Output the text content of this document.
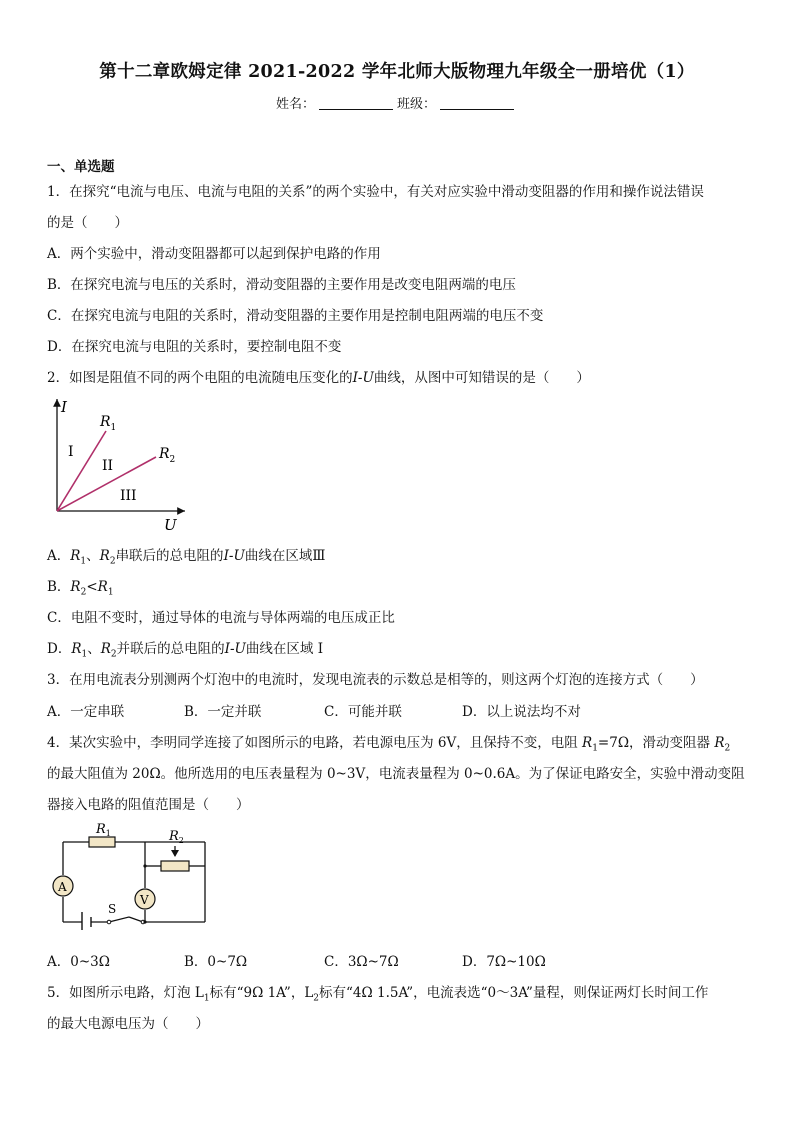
第十二章欧姆定律 2021-2022 学年北师大版物理九年级全一册培优（1）
姓名：	班级：
一、单选题
1．在探究“电流与电压、电流与电阻的关系”的两个实验中，有关对应实验中滑动变阻器的作用和操作说法错误
的是（　　）
A．两个实验中，滑动变阻器都可以起到保护电路的作用
B．在探究电流与电压的关系时，滑动变阻器的主要作用是改变电阻两端的电压
C．在探究电流与电阻的关系时，滑动变阻器的主要作用是控制电阻两端的电压不变
D．在探究电流与电阻的关系时，要控制电阻不变
2．如图是阻值不同的两个电阻的电流随电压变化的I-U曲线，从图中可知错误的是（　　）
I
U
$R_1$
$R_2$
I
II
III
A．$R_1$、$R_2$串联后的总电阻的I-U曲线在区域Ⅲ
B．$R_2<R_1$
C．电阻不变时，通过导体的电流与导体两端的电压成正比
D．$R_1$、$R_2$并联后的总电阻的I-U曲线在区域 I
3．在用电流表分别测两个灯泡中的电流时，发现电流表的示数总是相等的，则这两个灯泡的连接方式（　　）
A．一定串联	B．一定并联	C．可能并联	D．以上说法均不对
4．某次实验中，李明同学连接了如图所示的电路，若电源电压为 6V，且保持不变，电阻 $R_1=7\Omega$，滑动变阻器 $R_2$
的最大阻值为 20Ω。他所选用的电压表量程为 0~3V，电流表量程为 0~0.6A。为了保证电路安全，实验中滑动变阻
器接入电路的阻值范围是（　　）
$R_1$	$R_2$
A
V
S
A．0~3Ω	B．0~7Ω	C．3Ω~7Ω	D．7Ω~10Ω
5．如图所示电路，灯泡 $L_1$标有“9Ω 1A”，$L_2$标有“4Ω 1.5A”，电流表选“0～3A”量程，则保证两灯长时间工作
的最大电源电压为（　　）
